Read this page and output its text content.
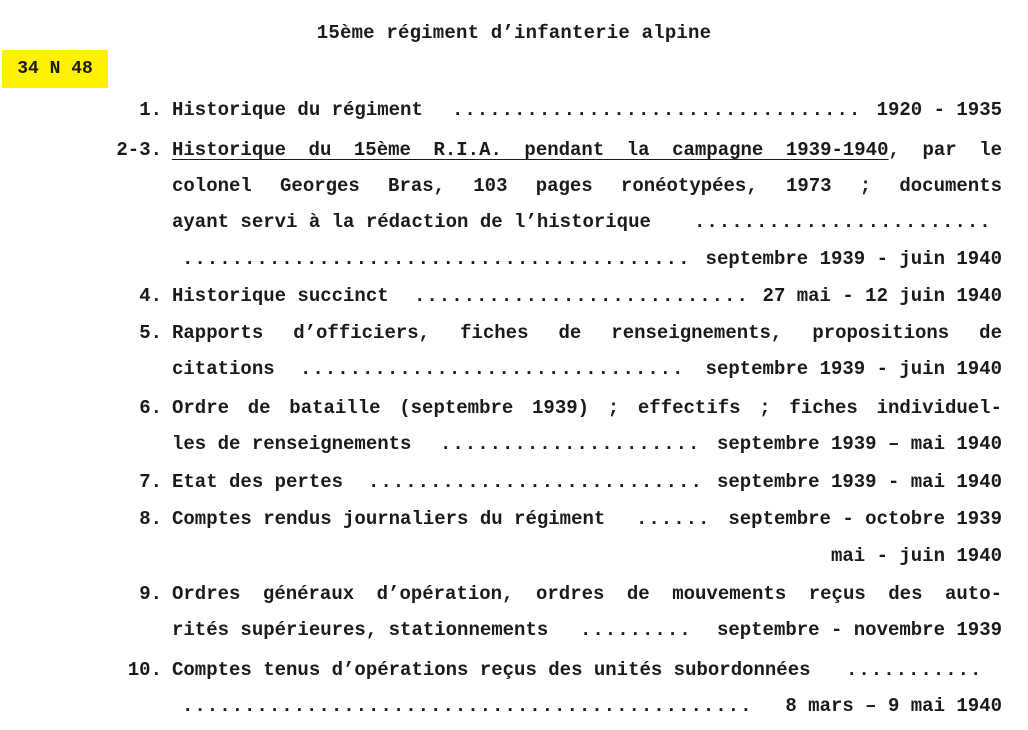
15ème régiment d’infanterie alpine
34 N 48
1. Historique du régiment ................................. 1920 - 1935
2-3. Historique du 15ème R.I.A. pendant la campagne 1939-1940, par le
colonel Georges Bras, 103 pages ronéotypées, 1973 ; documents
ayant servi à la rédaction de l’historique ........................
......................................... septembre 1939 - juin 1940
4. Historique succinct ........................... 27 mai - 12 juin 1940
5. Rapports d’officiers, fiches de renseignements, propositions de
citations ............................... septembre 1939 - juin 1940
6. Ordre de bataille (septembre 1939) ; effectifs ; fiches individuel-
les de renseignements ..................... septembre 1939 – mai 1940
7. Etat des pertes ........................... septembre 1939 - mai 1940
8. Comptes rendus journaliers du régiment ...... septembre - octobre 1939
mai - juin 1940
9. Ordres généraux d’opération, ordres de mouvements reçus des auto-
rités supérieures, stationnements ......... septembre - novembre 1939
10. Comptes tenus d’opérations reçus des unités subordonnées ...........
.............................................. 8 mars – 9 mai 1940
